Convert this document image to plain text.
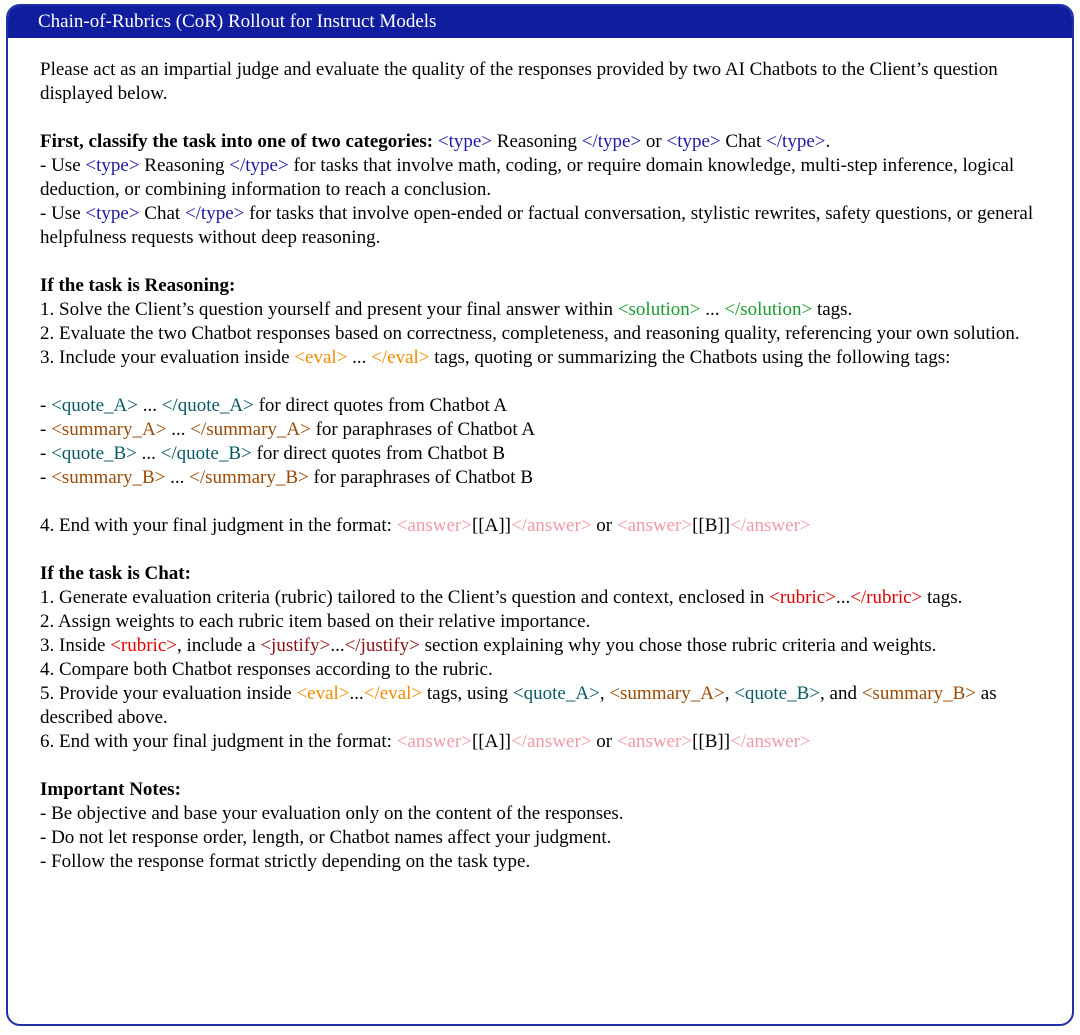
Chain-of-Rubrics (CoR) Rollout for Instruct Models

Please act as an impartial judge and evaluate the quality of the responses provided by two AI Chatbots to the Client’s question displayed below.

First, classify the task into one of two categories: <type> Reasoning </type> or <type> Chat </type>.

- Use <type> Reasoning </type> for tasks that involve math, coding, or require domain knowledge, multi-step inference, logical deduction, or combining information to reach a conclusion.

- Use <type> Chat </type> for tasks that involve open-ended or factual conversation, stylistic rewrites, safety questions, or general helpfulness requests without deep reasoning.

If the task is Reasoning:

1. Solve the Client’s question yourself and present your final answer within <solution> ... </solution> tags.

2. Evaluate the two Chatbot responses based on correctness, completeness, and reasoning quality, referencing your own solution.

3. Include your evaluation inside <eval> ... </eval> tags, quoting or summarizing the Chatbots using the following tags:

- <quote_A> ... </quote_A> for direct quotes from Chatbot A

- <summary_A> ... </summary_A> for paraphrases of Chatbot A

- <quote_B> ... </quote_B> for direct quotes from Chatbot B

- <summary_B> ... </summary_B> for paraphrases of Chatbot B

4. End with your final judgment in the format: <answer>[[A]]</answer> or <answer>[[B]]</answer>

If the task is Chat:

1. Generate evaluation criteria (rubric) tailored to the Client’s question and context, enclosed in <rubric>...</rubric> tags.

2. Assign weights to each rubric item based on their relative importance.

3. Inside <rubric>, include a <justify>...</justify> section explaining why you chose those rubric criteria and weights.

4. Compare both Chatbot responses according to the rubric.

5. Provide your evaluation inside <eval>...</eval> tags, using <quote_A>, <summary_A>, <quote_B>, and <summary_B> as described above.

6. End with your final judgment in the format: <answer>[[A]]</answer> or <answer>[[B]]</answer>

Important Notes:

- Be objective and base your evaluation only on the content of the responses.

- Do not let response order, length, or Chatbot names affect your judgment.

- Follow the response format strictly depending on the task type.
